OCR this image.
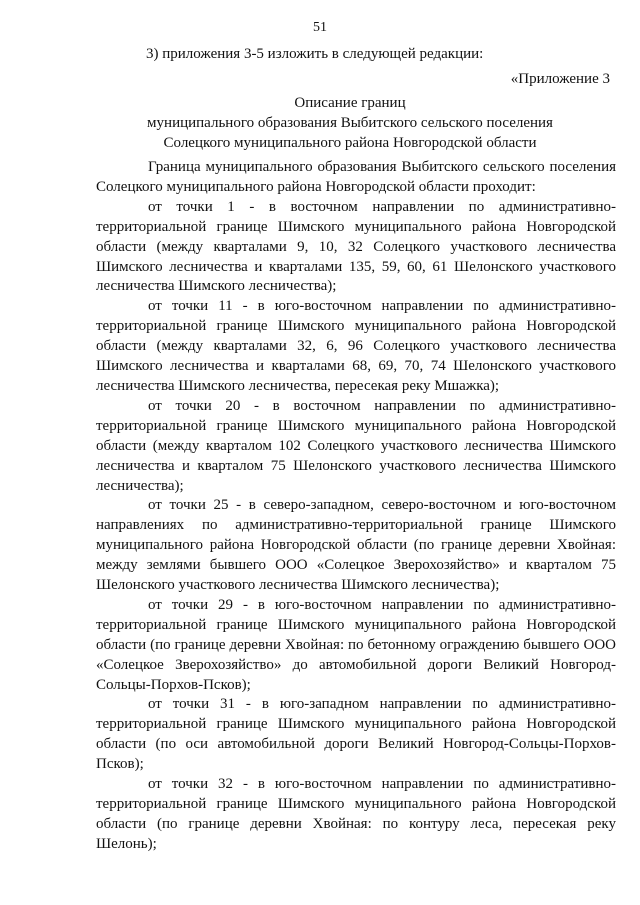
51
3) приложения 3-5 изложить в следующей редакции:
«Приложение 3
Описание границ
муниципального образования Выбитского сельского поселения
Солецкого муниципального района Новгородской области

Граница муниципального образования Выбитского сельского поселения Солецкого муниципального района Новгородской области проходит:

от точки 1 - в восточном направлении по административно-территориальной границе Шимского муниципального района Новгородской области (между кварталами 9, 10, 32 Солецкого участкового лесничества Шимского лесничества и кварталами 135, 59, 60, 61 Шелонского участкового лесничества Шимского лесничества);

от точки 11 - в юго-восточном направлении по административно-территориальной границе Шимского муниципального района Новгородской области (между кварталами 32, 6, 96 Солецкого участкового лесничества Шимского лесничества и кварталами 68, 69, 70, 74 Шелонского участкового лесничества Шимского лесничества, пересекая реку Мшажка);

от точки 20 - в восточном направлении по административно-территориальной границе Шимского муниципального района Новгородской области (между кварталом 102 Солецкого участкового лесничества Шимского лесничества и кварталом 75 Шелонского участкового лесничества Шимского лесничества);

от точки 25 - в северо-западном, северо-восточном и юго-восточном направлениях по административно-территориальной границе Шимского муниципального района Новгородской области (по границе деревни Хвойная: между землями бывшего ООО «Солецкое Зверохозяйство» и кварталом 75 Шелонского участкового лесничества Шимского лесничества);

от точки 29 - в юго-восточном направлении по административно-территориальной границе Шимского муниципального района Новгородской области (по границе деревни Хвойная: по бетонному ограждению бывшего ООО «Солецкое Зверохозяйство» до автомобильной дороги Великий Новгород-Сольцы-Порхов-Псков);

от точки 31 - в юго-западном направлении по административно-территориальной границе Шимского муниципального района Новгородской области (по оси автомобильной дороги Великий Новгород-Сольцы-Порхов-Псков);

от точки 32 - в юго-восточном направлении по административно-территориальной границе Шимского муниципального района Новгородской области (по границе деревни Хвойная: по контуру леса, пересекая реку Шелонь);
